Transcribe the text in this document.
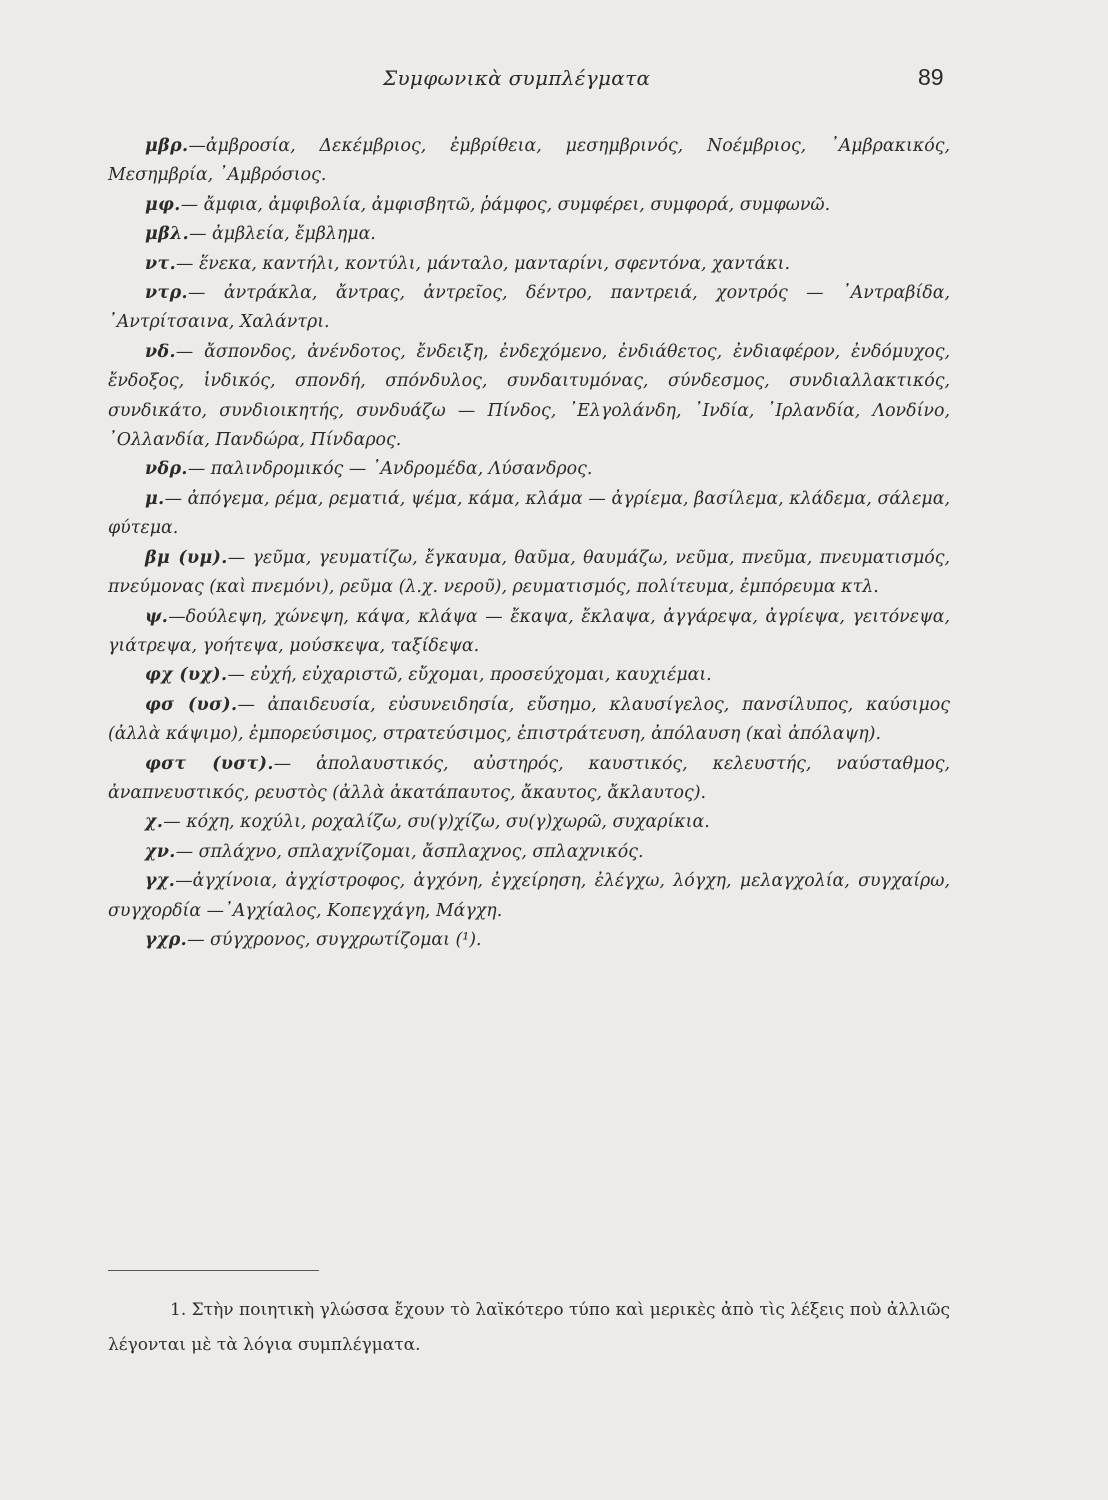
Συμφωνικὰ συμπλέγματα	89

μβρ.—ἀμβροσία, Δεκέμβριος, ἐμβρίθεια, μεσημβρινός, Νοέμβριος, ᾿Αμβρακικός, Μεσημβρία, ᾿Αμβρόσιος.

μφ.— ἄμφια, ἀμφιβολία, ἀμφισβητῶ, ῥάμφος, συμφέρει, συμφορά, συμφωνῶ.

μβλ.— ἀμβλεία, ἔμβλημα.

ντ.— ἕνεκα, καντήλι, κοντύλι, μάνταλο, μανταρίνι, σφεντόνα, χαντάκι.

ντρ.— ἀντράκλα, ἄντρας, ἀντρεῖος, δέντρο, παντρειά, χοντρός — ᾿Αντραβίδα, ᾿Αντρίτσαινα, Χαλάντρι.

νδ.— ἄσπονδος, ἀνένδοτος, ἔνδειξη, ἐνδεχόμενο, ἐνδιάθετος, ἐνδιαφέρον, ἐνδόμυχος, ἔνδοξος, ἰνδικός, σπονδή, σπόνδυλος, συνδαιτυμόνας, σύνδεσμος, συνδιαλλακτικός, συνδικάτο, συνδιοικητής, συνδυάζω — Πίνδος, ᾿Ελγολάνδη, ᾿Ινδία, ᾿Ιρλανδία, Λονδίνο, ᾿Ολλανδία, Πανδώρα, Πίνδαρος.

νδρ.— παλινδρομικός — ᾿Ανδρομέδα, Λύσανδρος.

μ.— ἀπόγεμα, ρέμα, ρεματιά, ψέμα, κάμα, κλάμα — ἀγρίεμα, βασίλεμα, κλάδεμα, σάλεμα, φύτεμα.

βμ (υμ).— γεῦμα, γευματίζω, ἔγκαυμα, θαῦμα, θαυμάζω, νεῦμα, πνεῦμα, πνευματισμός, πνεύμονας (καὶ πνεμόνι), ρεῦμα (λ.χ. νεροῦ), ρευματισμός, πολίτευμα, ἐμπόρευμα κτλ.

ψ.—δούλεψη, χώνεψη, κάψα, κλάψα — ἔκαψα, ἔκλαψα, ἀγγάρεψα, ἀγρίεψα, γειτόνεψα, γιάτρεψα, γοήτεψα, μούσκεψα, ταξίδεψα.

φχ (υχ).— εὐχή, εὐχαριστῶ, εὔχομαι, προσεύχομαι, καυχιέμαι.

φσ (υσ).— ἀπαιδευσία, εὐσυνειδησία, εὔσημο, κλαυσίγελος, πανσίλυπος, καύσιμος (ἀλλὰ κάψιμο), ἐμπορεύσιμος, στρατεύσιμος, ἐπιστράτευση, ἀπόλαυση (καὶ ἀπόλαψη).

φστ (υστ).— ἀπολαυστικός, αὐστηρός, καυστικός, κελευστής, ναύσταθμος, ἀναπνευστικός, ρευστὸς (ἀλλὰ ἀκατάπαυτος, ἄκαυτος, ἄκλαυτος).

χ.— κόχη, κοχύλι, ροχαλίζω, συ(γ)χίζω, συ(γ)χωρῶ, συχαρίκια.

χν.— σπλάχνο, σπλαχνίζομαι, ἄσπλαχνος, σπλαχνικός.

γχ.—ἀγχίνοια, ἀγχίστροφος, ἀγχόνη, ἐγχείρηση, ἐλέγχω, λόγχη, μελαγχολία, συγχαίρω, συγχορδία —᾿Αγχίαλος, Κοπεγχάγη, Μάγχη.

γχρ.— σύγχρονος, συγχρωτίζομαι (¹).

1. Στὴν ποιητικὴ γλώσσα ἔχουν τὸ λαϊκότερο τύπο καὶ μερικὲς ἀπὸ τὶς λέξεις ποὺ ἀλλιῶς λέγονται μὲ τὰ λόγια συμπλέγματα.
